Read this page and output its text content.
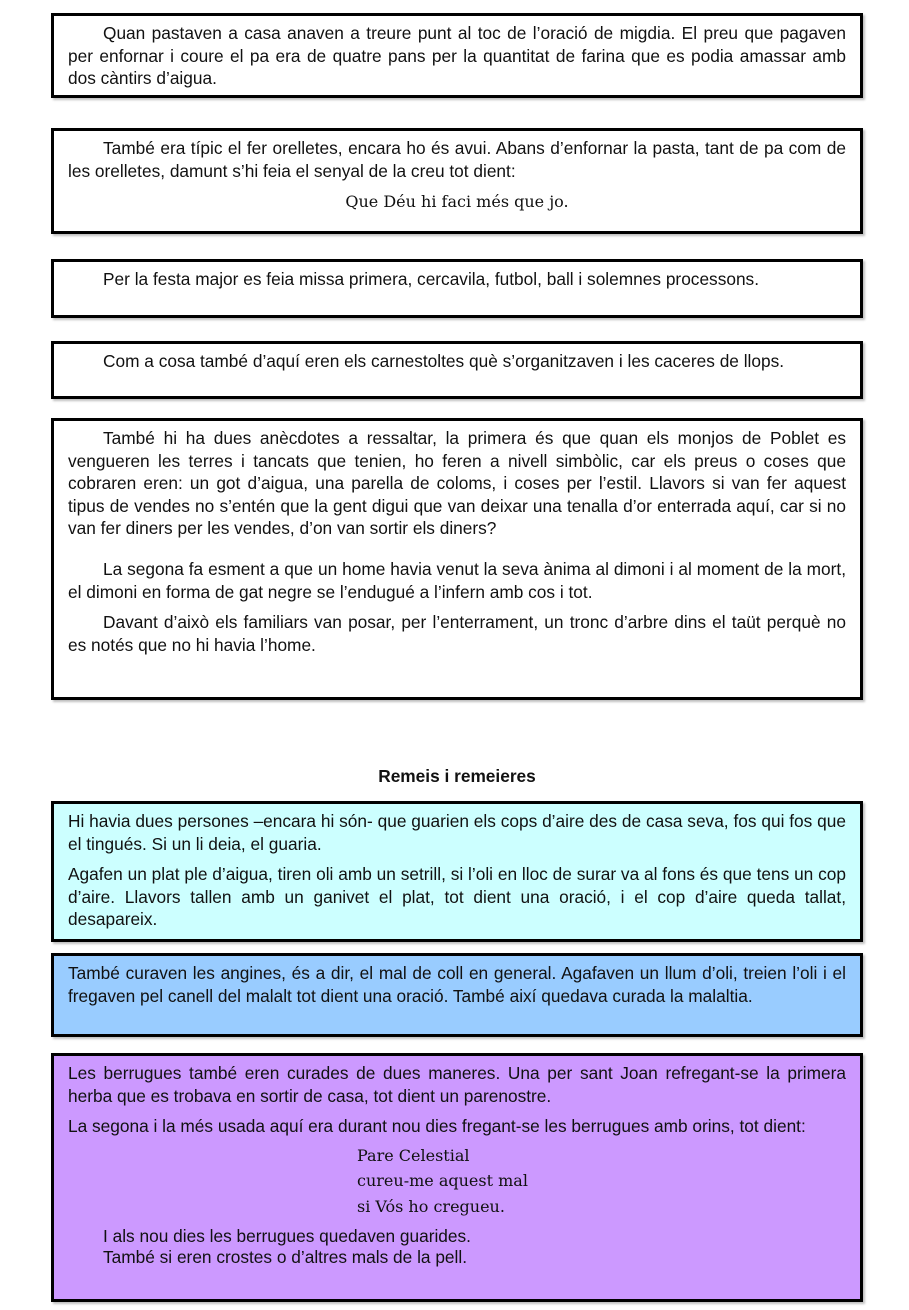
Quan pastaven a casa anaven a treure punt al toc de l’oració de migdia. El preu que pagaven per enfornar i coure el pa era de quatre pans per la quantitat de farina que es podia amassar amb dos càntirs d’aigua.

També era típic el fer orelletes, encara ho és avui. Abans d’enfornar la pasta, tant de pa com de les orelletes, damunt s’hi feia el senyal de la creu tot dient:

Que Déu hi faci més que jo.

Per la festa major es feia missa primera, cercavila, futbol, ball i solemnes processons.

Com a cosa també d’aquí eren els carnestoltes què s’organitzaven i les caceres de llops.

També hi ha dues anècdotes a ressaltar, la primera és que quan els monjos de Poblet es vengueren les terres i tancats que tenien, ho feren a nivell simbòlic, car els preus o coses que cobraren eren: un got d’aigua, una parella de coloms, i coses per l’estil. Llavors si van fer aquest tipus de vendes no s’entén que la gent digui que van deixar una tenalla d’or enterrada aquí, car si no van fer diners per les vendes, d’on van sortir els diners?

La segona fa esment a que un home havia venut la seva ànima al dimoni i al moment de la mort, el dimoni en forma de gat negre se l’endugué a l’infern amb cos i tot.

Davant d’això els familiars van posar, per l’enterrament, un tronc d’arbre dins el taüt perquè no es notés que no hi havia l’home.

Remeis i remeieres

Hi havia dues persones –encara hi són- que guarien els cops d’aire des de casa seva, fos qui fos que el tingués. Si un li deia, el guaria.

Agafen un plat ple d’aigua, tiren oli amb un setrill, si l’oli en lloc de surar va al fons és que tens un cop d’aire. Llavors tallen amb un ganivet el plat, tot dient una oració, i el cop d’aire queda tallat, desapareix.

També curaven les angines, és a dir, el mal de coll en general. Agafaven un llum d’oli, treien l’oli i el fregaven pel canell del malalt tot dient una oració. També així quedava curada la malaltia.

Les berrugues també eren curades de dues maneres. Una per sant Joan refregant-se la primera herba que es trobava en sortir de casa, tot dient un parenostre.

La segona i la més usada aquí era durant nou dies fregant-se les berrugues amb orins, tot dient:

Pare Celestial
cureu-me aquest mal
si Vós ho cregueu.

I als nou dies les berrugues quedaven guarides.

També si eren crostes o d’altres mals de la pell.
